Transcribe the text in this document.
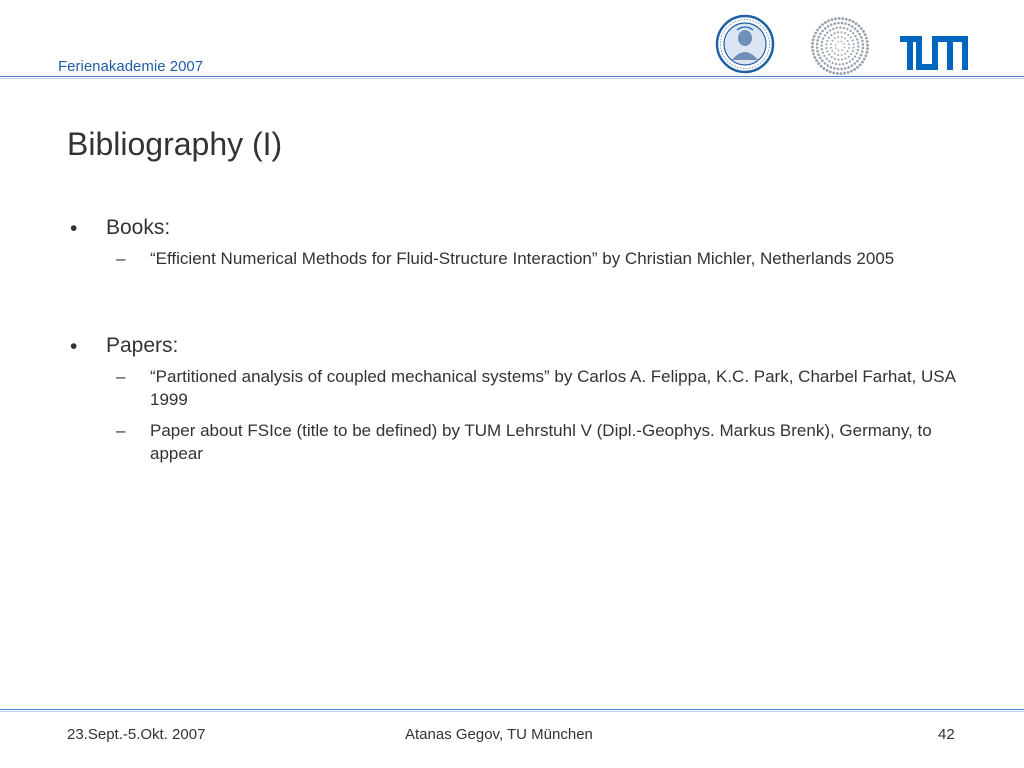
Ferienakademie 2007
Bibliography (I)
• Books:
– “Efficient Numerical Methods for Fluid-Structure Interaction” by Christian Michler, Netherlands 2005
• Papers:
– “Partitioned analysis of coupled mechanical systems” by Carlos A. Felippa, K.C. Park, Charbel Farhat, USA 1999
– Paper about FSIce (title to be defined) by TUM Lehrstuhl V (Dipl.-Geophys. Markus Brenk), Germany, to appear
23.Sept.-5.Okt. 2007	Atanas Gegov, TU München	42
